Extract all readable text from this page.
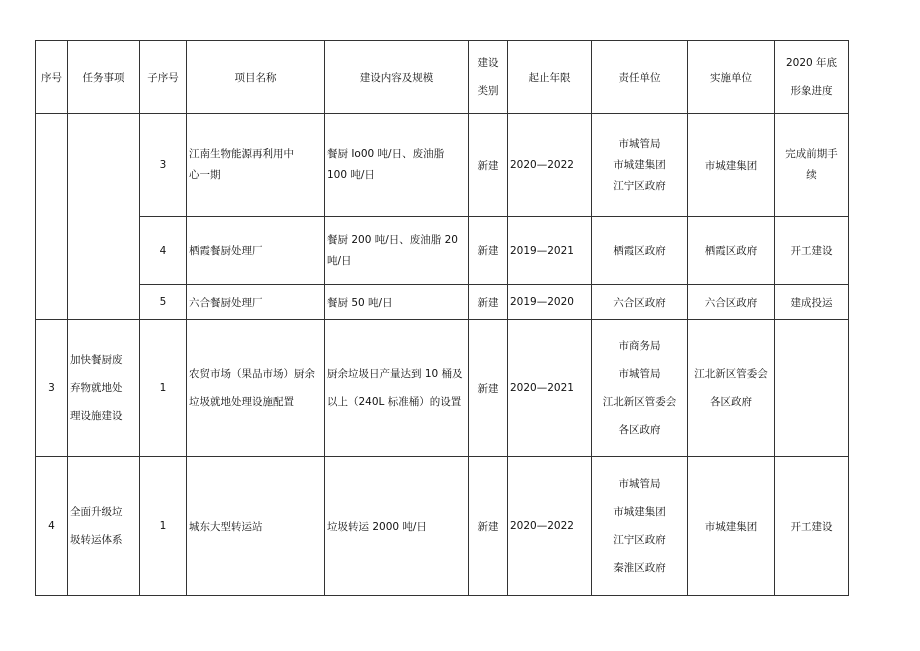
序号	任务事项	子序号	项目名称	建设内容及规模	建设
类别	起止年限	责任单位	实施单位	2020 年底
形象进度

		3	江南生物能源再利用中
心一期	餐厨 Io00 吨/日、废油脂
100 吨/日	新建	2020—2022	市城管局
市城建集团
江宁区政府	市城建集团	完成前期手
续

		4	栖霞餐厨处理厂	餐厨 200 吨/日、废油脂 20
吨/日	新建	2019—2021	栖霞区政府	栖霞区政府	开工建设
		5	六合餐厨处理厂	餐厨 50 吨/日	新建	2019—2020	六合区政府	六合区政府	建成投运
3	加快餐厨废
弃物就地处
理设施建设	1	农贸市场（果品市场）厨余
垃圾就地处理设施配置	厨余垃圾日产量达到 10 桶及
以上（240L 标准桶）的设置	新建	2020—2021	市商务局
市城管局
江北新区管委会
各区政府	江北新区管委会
各区政府	

4	全面升级垃
圾转运体系	1	城东大型转运站	垃圾转运 2000 吨/日	新建	2020—2022	市城管局
市城建集团
江宁区政府
秦淮区政府	市城建集团	开工建设
